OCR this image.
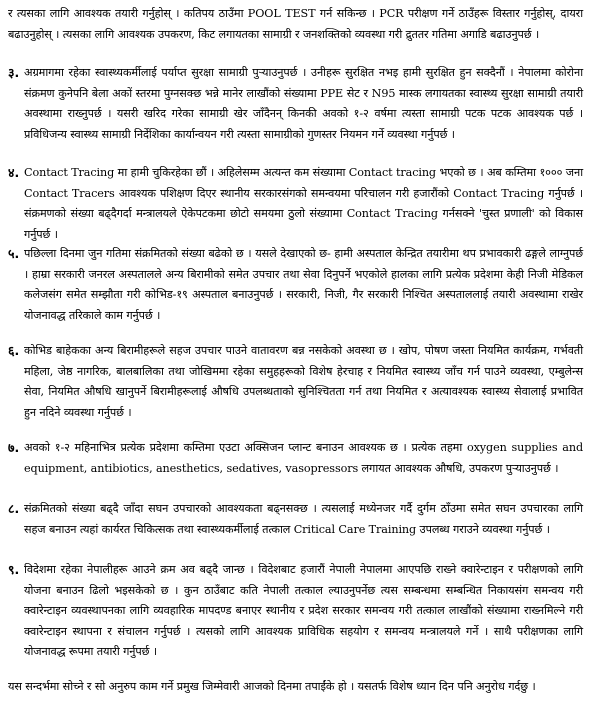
र त्यसका लागि आवश्यक तयारी गर्नुहोस् । कतिपय ठाउँमा POOL TEST गर्न सकिन्छ । PCR परीक्षण गर्ने ठाउँहरू विस्तार गर्नुहोस्, दायरा बढाउनुहोस् । त्यसका लागि आवश्यक उपकरण, किट लगायतका सामाग्री र जनशक्तिको व्यवस्था गरी द्रुततर गतिमा अगाडि बढाउनुपर्छ ।
३. अग्रमागमा रहेका स्वास्थ्यकर्मीलाई पर्याप्त सुरक्षा सामाग्री पुऱ्याउनुपर्छ । उनीहरू सुरक्षित नभइ हामी सुरक्षित हुन सक्दैनौं । नेपालमा कोरोना संक्रमण कुनेपनि बेला अकों स्तरमा पुग्नसक्छ भन्ने मानेर लाखौंको संख्यामा PPE सेट र N95 मास्क लगायतका स्वास्थ्य सुरक्षा सामाग्री तयारी अवस्थामा राख्नुपर्छ । यसरी खरिद गरेका सामाग्री खेर जाँदैनन् किनकी अवको १-२ वर्षमा त्यस्ता सामाग्री पटक पटक आवश्यक पर्छ । प्रविधिजन्य स्वास्थ्य सामाग्री निर्देशिका कार्यान्वयन गरी त्यस्ता सामाग्रीको गुणस्तर नियमन गर्ने व्यवस्था गर्नुपर्छ ।
४. Contact Tracing मा हामी चुकिरहेका छौं । अहिलेसम्म अत्यन्त कम संख्यामा Contact tracing भएको छ । अब कम्तिमा १००० जना Contact Tracers आवश्यक पशिक्षण दिएर स्थानीय सरकारसंगको समन्वयमा परिचालन गरी हजारौंको Contact Tracing गर्नुपर्छ । संक्रमणको संख्या बढ्दैगर्दा मन्त्रालयले ऐकेपटकमा छोटो समयमा ठुलो संख्यामा Contact Tracing गर्नसक्ने 'चुस्त प्रणाली' को विकास गर्नुपर्छ ।
५. पछिल्ला दिनमा जुन गतिमा संक्रमितको संख्या बढेको छ । यसले देखाएको छ- हामी अस्पताल केन्द्रित तयारीमा थप प्रभावकारी ढङ्गले लाग्नुपर्छ । हाम्रा सरकारी जनरल अस्पतालले अन्य बिरामीको समेत उपचार तथा सेवा दिनुपर्ने भएकोले हालका लागि प्रत्येक प्रदेशमा केही निजी मेडिकल कलेजसंग समेत सम्झौता गरी कोभिड-१९ अस्पताल बनाउनुपर्छ । सरकारी, निजी, गैर सरकारी निश्चित अस्पताललाई तयारी अवस्थामा राखेर योजनावद्ध तरिकाले काम गर्नुपर्छ ।
६. कोभिड बाहेकका अन्य बिरामीहरूले सहज उपचार पाउने वातावरण बन्न नसकेको अवस्था छ । खोप, पोषण जस्ता नियमित कार्यक्रम, गर्भवती महिला, जेष्ठ नागरिक, बालबालिका तथा जोखिममा रहेका समुहहरूको विशेष हेरचाह र नियमित स्वास्थ्य जाँच गर्न पाउने व्यवस्था, एम्बुलेन्स सेवा, नियमित औषधि खानुपर्ने बिरामीहरूलाई औषधि उपलब्धताको सुनिश्चितता गर्न तथा नियमित र अत्यावश्यक स्वास्थ्य सेवालाई प्रभावित हुन नदिने व्यवस्था गर्नुपर्छ ।
७. अवको १-२ महिनाभित्र प्रत्येक प्रदेशमा कम्तिमा एउटा अक्सिजन प्लान्ट बनाउन आवश्यक छ । प्रत्येक तहमा oxygen supplies and equipment, antibiotics, anesthetics, sedatives, vasopressors लगायत आवश्यक औषधि, उपकरण पुऱ्याउनुपर्छ ।
८. संक्रमितको संख्या बढ्दै जाँदा सघन उपचारको आवश्यकता बढ्नसक्छ । त्यसलाई मध्येनजर गर्दै दुर्गम ठाँउमा समेत सघन उपचारका लागि सहज बनाउन त्यहां कार्यरत चिकित्सक तथा स्वास्थ्यकर्मीलाई तत्काल Critical Care Training उपलब्ध गराउने व्यवस्था गर्नुपर्छ ।
९. विदेशमा रहेका नेपालीहरू आउने क्रम अव बढ्दै जान्छ । विदेशबाट हजारौं नेपाली नेपालमा आएपछि राख्ने क्वारेन्टाइन र परीक्षणको लागि योजना बनाउन ढिलो भइसकेको छ । कुन ठाउँबाट कति नेपाली तत्काल ल्याउनुपर्नेछ त्यस सम्बन्धमा सम्बन्धित निकायसंग समन्वय गरी क्वारेन्टाइन व्यवस्थापनका लागि व्यवहारिक मापदण्ड बनाएर स्थानीय र प्रदेश सरकार समन्वय गरी तत्काल लाखौंको संख्यामा राख्नमिल्ने गरी क्वारेन्टाइन स्थापना र संचालन गर्नुपर्छ । त्यसको लागि आवश्यक प्राविधिक सहयोग र समन्वय मन्त्रालयले गर्ने । साथै परीक्षणका लागि योजनावद्ध रूपमा तयारी गर्नुपर्छ ।
यस सन्दर्भमा सोच्ने र सो अनुरुप काम गर्ने प्रमुख जिम्मेवारी आजको दिनमा तपाईंके हो । यसतर्फ विशेष ध्यान दिन पनि अनुरोध गर्दछु ।
